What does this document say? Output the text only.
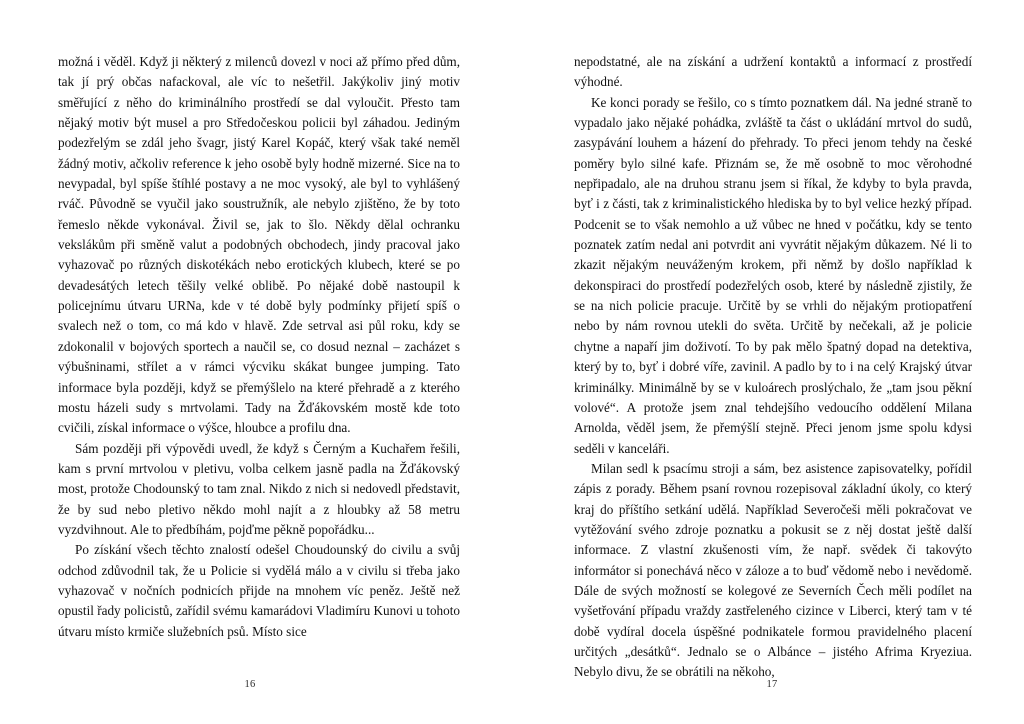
možná i věděl. Když ji některý z milenců dovezl v noci až přímo před dům, tak jí prý občas nafackoval, ale víc to nešetřil. Jakýkoliv jiný motiv směřující z něho do kriminálního prostředí se dal vyloučit. Přesto tam nějaký motiv být musel a pro Středočeskou policii byl záhadou. Jediným podezřelým se zdál jeho švagr, jistý Karel Kopáč, který však také neměl žádný motiv, ačkoliv reference k jeho osobě byly hodně mizerné. Sice na to nevypadal, byl spíše štíhlé postavy a ne moc vysoký, ale byl to vyhlášený rváč. Původně se vyučil jako soustružník, ale nebylo zjištěno, že by toto řemeslo někde vykonával. Živil se, jak to šlo. Někdy dělal ochranku vekslákům při směně valut a podobných obchodech, jindy pracoval jako vyhazovač po různých diskotékách nebo erotických klubech, které se po devadesátých letech těšily velké oblibě. Po nějaké době nastoupil k policejnímu útvaru URNa, kde v té době byly podmínky přijetí spíš o svalech než o tom, co má kdo v hlavě. Zde setrval asi půl roku, kdy se zdokonalil v bojových sportech a naučil se, co dosud neznal – zacházet s výbušninami, střílet a v rámci výcviku skákat bungee jumping. Tato informace byla později, když se přemýšlelo na které přehradě a z kterého mostu házeli sudy s mrtvolami. Tady na Žďákovském mostě kde toto cvičili, získal informace o výšce, hloubce a profilu dna.

Sám později při výpovědi uvedl, že když s Černým a Kuchařem řešili, kam s první mrtvolou v pletivu, volba celkem jasně padla na Žďákovský most, protože Chodounský to tam znal. Nikdo z nich si nedovedl představit, že by sud nebo pletivo někdo mohl najít a z hloubky až 58 metru vyzdvihnout. Ale to předbíhám, pojďme pěkně popořádku...

Po získání všech těchto znalostí odešel Choudounský do civilu a svůj odchod zdůvodnil tak, že u Policie si vydělá málo a v civilu si třeba jako vyhazovač v nočních podnicích přijde na mnohem víc peněz. Ještě než opustil řady policistů, zařídil svému kamarádovi Vladimíru Kunovi u tohoto útvaru místo krmiče služebních psů. Místo sice

16

nepodstatné, ale na získání a udržení kontaktů a informací z prostředí výhodné.

Ke konci porady se řešilo, co s tímto poznatkem dál. Na jedné straně to vypadalo jako nějaké pohádka, zvláště ta část o ukládání mrtvol do sudů, zasypávání louhem a házení do přehrady. To přeci jenom tehdy na české poměry bylo silné kafe. Přiznám se, že mě osobně to moc věrohodné nepřipadalo, ale na druhou stranu jsem si říkal, že kdyby to byla pravda, byť i z části, tak z kriminalistického hlediska by to byl velice hezký případ. Podcenit se to však nemohlo a už vůbec ne hned v počátku, kdy se tento poznatek zatím nedal ani potvrdit ani vyvrátit nějakým důkazem. Né li to zkazit nějakým neuváženým krokem, při němž by došlo například k dekonspiraci do prostředí podezřelých osob, které by následně zjistily, že se na nich policie pracuje. Určitě by se vrhli do nějakým protiopatření nebo by nám rovnou utekli do světa. Určitě by nečekali, až je policie chytne a napaří jim doživotí. To by pak mělo špatný dopad na detektiva, který by to, byť i dobré víře, zavinil. A padlo by to i na celý Krajský útvar kriminálky. Minimálně by se v kuloárech proslýchalo, že „tam jsou pěkní volové“. A protože jsem znal tehdejšího vedoucího oddělení Milana Arnolda, věděl jsem, že přemýšlí stejně. Přeci jenom jsme spolu kdysi seděli v kanceláři.

Milan sedl k psacímu stroji a sám, bez asistence zapisovatelky, pořídil zápis z porady. Během psaní rovnou rozepisoval základní úkoly, co který kraj do příštího setkání udělá. Například Severočeši měli pokračovat ve vytěžování svého zdroje poznatku a pokusit se z něj dostat ještě další informace. Z vlastní zkušenosti vím, že např. svědek či takovýto informátor si ponechává něco v záloze a to buď vědomě nebo i nevědomě. Dále de svých možností se kolegové ze Severních Čech měli podílet na vyšetřování případu vraždy zastřeleného cizince v Liberci, který tam v té době vydíral docela úspěšné podnikatele formou pravidelného placení určitých „desátků“. Jednalo se o Albánce – jistého Afrima Kryeziua. Nebylo divu, že se obrátili na někoho,

17
